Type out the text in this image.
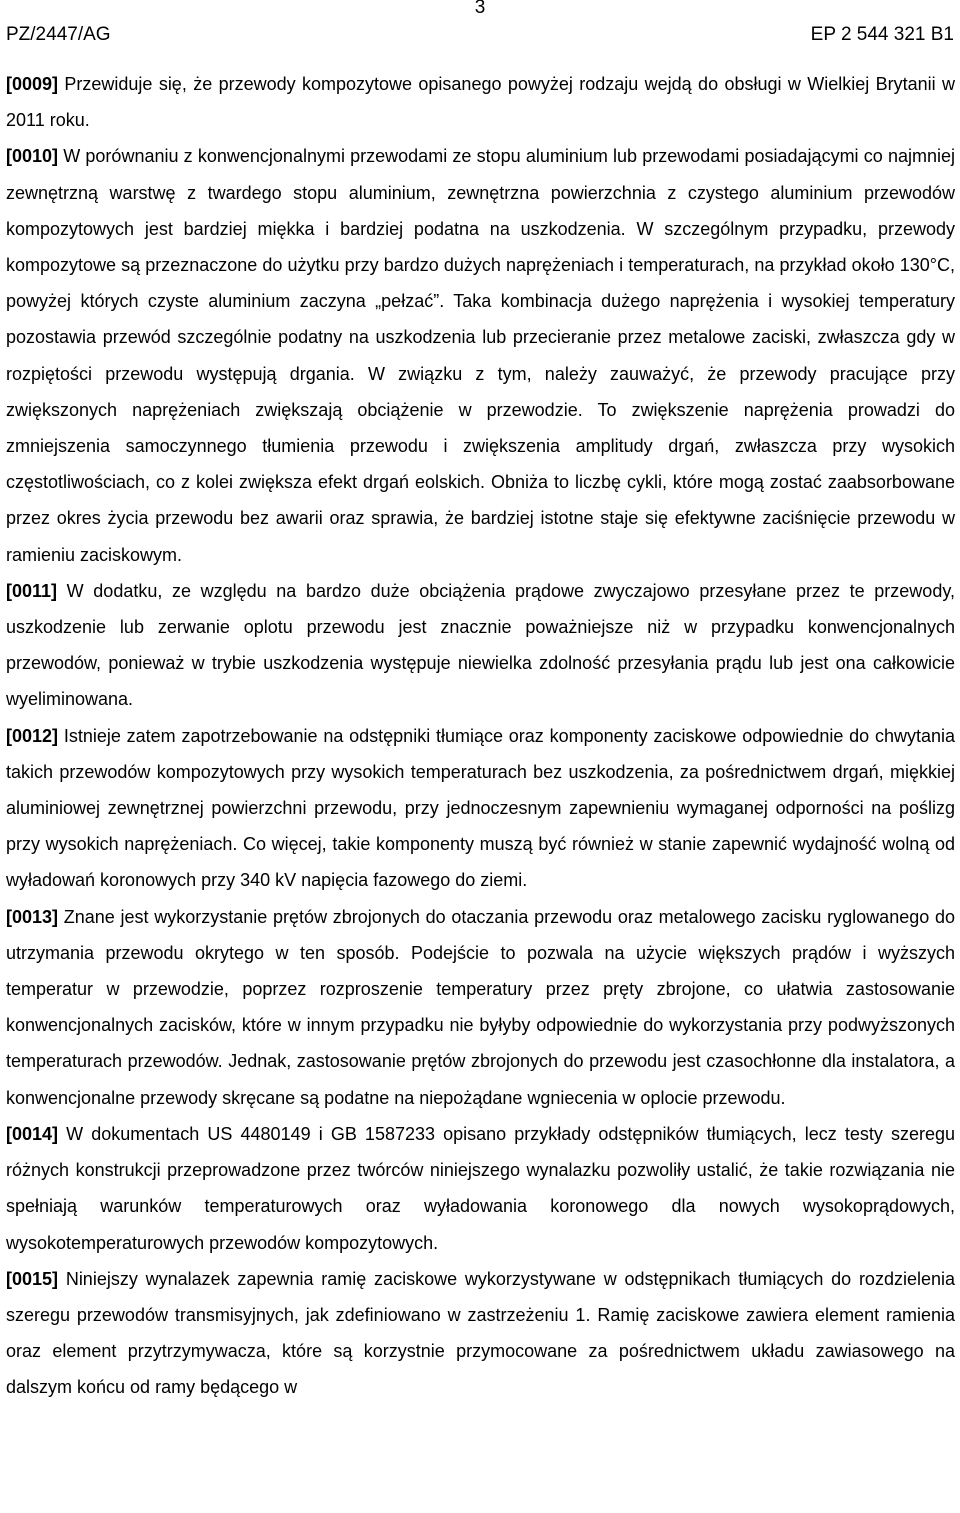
3
PZ/2447/AG	EP 2 544 321 B1

[0009] Przewiduje się, że przewody kompozytowe opisanego powyżej rodzaju wejdą do obsługi w Wielkiej Brytanii w 2011 roku.

[0010] W porównaniu z konwencjonalnymi przewodami ze stopu aluminium lub przewodami posiadającymi co najmniej zewnętrzną warstwę z twardego stopu aluminium, zewnętrzna powierzchnia z czystego aluminium przewodów kompozytowych jest bardziej miękka i bardziej podatna na uszkodzenia. W szczególnym przypadku, przewody kompozytowe są przeznaczone do użytku przy bardzo dużych naprężeniach i temperaturach, na przykład około 130°C, powyżej których czyste aluminium zaczyna „pełzać”. Taka kombinacja dużego naprężenia i wysokiej temperatury pozostawia przewód szczególnie podatny na uszkodzenia lub przecieranie przez metalowe zaciski, zwłaszcza gdy w rozpiętości przewodu występują drgania. W związku z tym, należy zauważyć, że przewody pracujące przy zwiększonych naprężeniach zwiększają obciążenie w przewodzie. To zwiększenie naprężenia prowadzi do zmniejszenia samoczynnego tłumienia przewodu i zwiększenia amplitudy drgań, zwłaszcza przy wysokich częstotliwościach, co z kolei zwiększa efekt drgań eolskich. Obniża to liczbę cykli, które mogą zostać zaabsorbowane przez okres życia przewodu bez awarii oraz sprawia, że bardziej istotne staje się efektywne zaciśnięcie przewodu w ramieniu zaciskowym.

[0011] W dodatku, ze względu na bardzo duże obciążenia prądowe zwyczajowo przesyłane przez te przewody, uszkodzenie lub zerwanie oplotu przewodu jest znacznie poważniejsze niż w przypadku konwencjonalnych przewodów, ponieważ w trybie uszkodzenia występuje niewielka zdolność przesyłania prądu lub jest ona całkowicie wyeliminowana.

[0012] Istnieje zatem zapotrzebowanie na odstępniki tłumiące oraz komponenty zaciskowe odpowiednie do chwytania takich przewodów kompozytowych przy wysokich temperaturach bez uszkodzenia, za pośrednictwem drgań, miękkiej aluminiowej zewnętrznej powierzchni przewodu, przy jednoczesnym zapewnieniu wymaganej odporności na poślizg przy wysokich naprężeniach. Co więcej, takie komponenty muszą być również w stanie zapewnić wydajność wolną od wyładowań koronowych przy 340 kV napięcia fazowego do ziemi.

[0013] Znane jest wykorzystanie prętów zbrojonych do otaczania przewodu oraz metalowego zacisku ryglowanego do utrzymania przewodu okrytego w ten sposób. Podejście to pozwala na użycie większych prądów i wyższych temperatur w przewodzie, poprzez rozproszenie temperatury przez pręty zbrojone, co ułatwia zastosowanie konwencjonalnych zacisków, które w innym przypadku nie byłyby odpowiednie do wykorzystania przy podwyższonych temperaturach przewodów. Jednak, zastosowanie prętów zbrojonych do przewodu jest czasochłonne dla instalatora, a konwencjonalne przewody skręcane są podatne na niepożądane wgniecenia w oplocie przewodu.

[0014] W dokumentach US 4480149 i GB 1587233 opisano przykłady odstępników tłumiących, lecz testy szeregu różnych konstrukcji przeprowadzone przez twórców niniejszego wynalazku pozwoliły ustalić, że takie rozwiązania nie spełniają warunków temperaturowych oraz wyładowania koronowego dla nowych wysokoprądowych, wysokotemperaturowych przewodów kompozytowych.

[0015] Niniejszy wynalazek zapewnia ramię zaciskowe wykorzystywane w odstępnikach tłumiących do rozdzielenia szeregu przewodów transmisyjnych, jak zdefiniowano w zastrzeżeniu 1. Ramię zaciskowe zawiera element ramienia oraz element przytrzymywacza, które są korzystnie przymocowane za pośrednictwem układu zawiasowego na dalszym końcu od ramy będącego w
